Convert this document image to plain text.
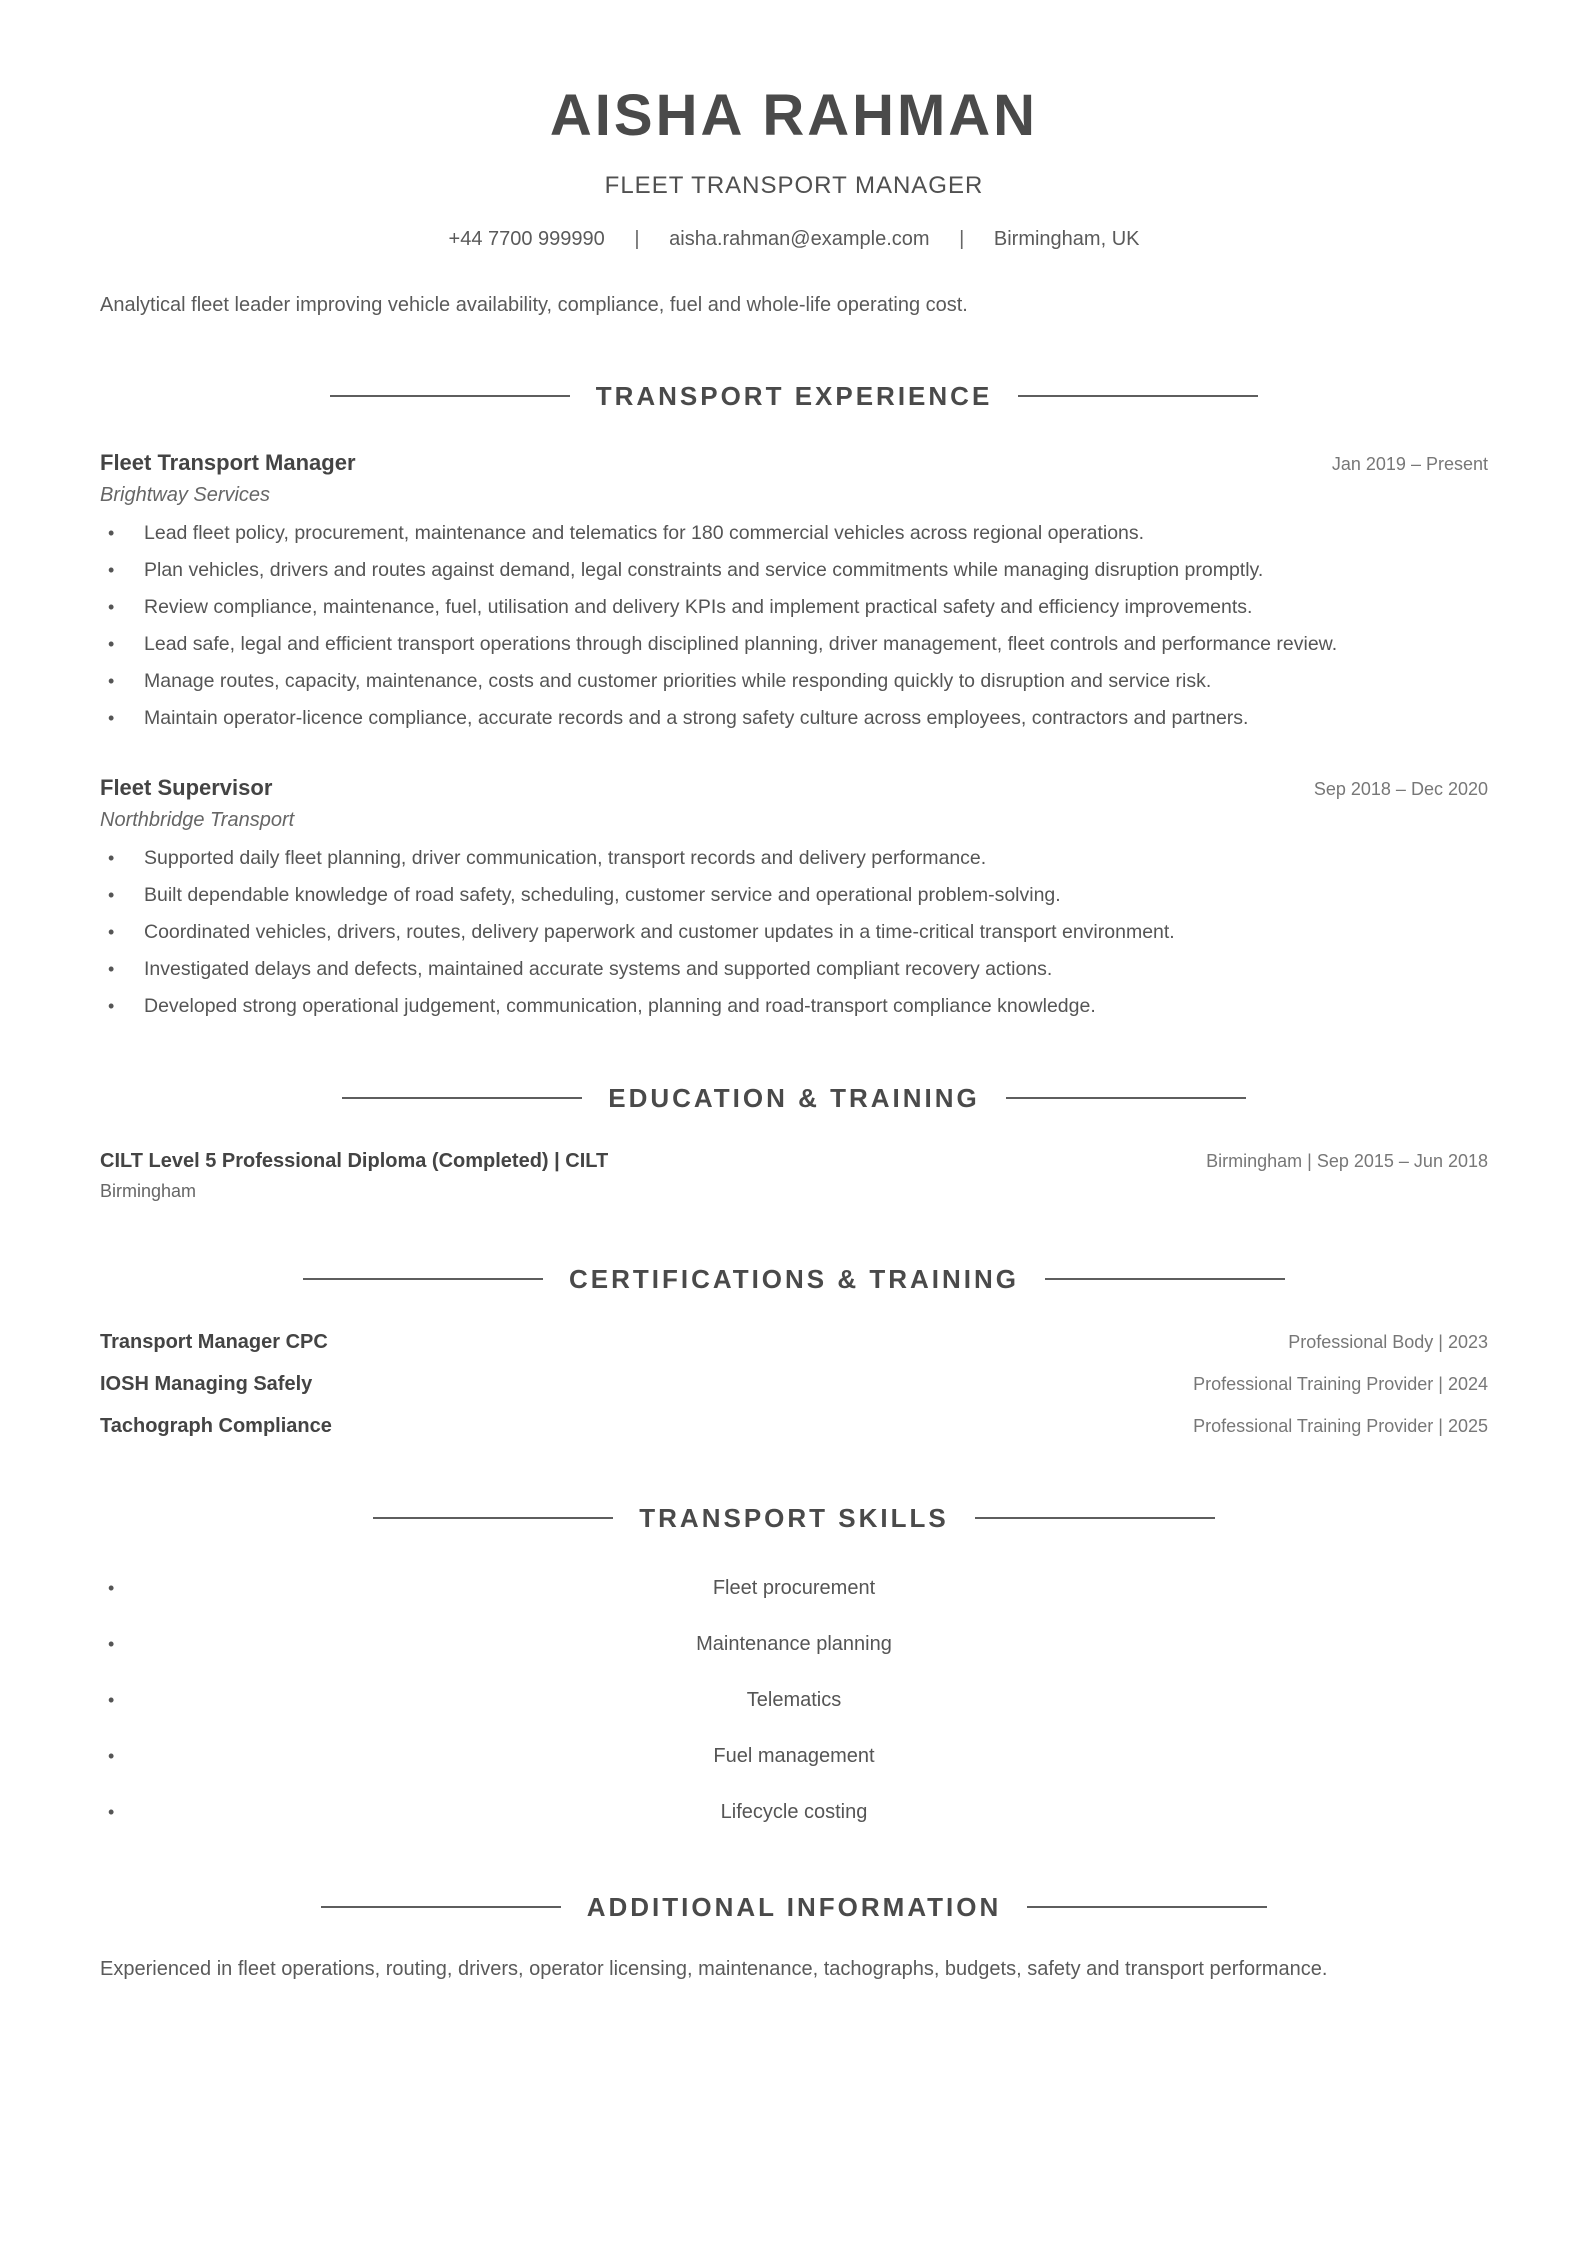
AISHA RAHMAN
FLEET TRANSPORT MANAGER
+44 7700 999990 | aisha.rahman@example.com | Birmingham, UK
Analytical fleet leader improving vehicle availability, compliance, fuel and whole-life operating cost.
TRANSPORT EXPERIENCE
Fleet Transport Manager	Jan 2019 – Present
Brightway Services
• Lead fleet policy, procurement, maintenance and telematics for 180 commercial vehicles across regional operations.
• Plan vehicles, drivers and routes against demand, legal constraints and service commitments while managing disruption promptly.
• Review compliance, maintenance, fuel, utilisation and delivery KPIs and implement practical safety and efficiency improvements.
• Lead safe, legal and efficient transport operations through disciplined planning, driver management, fleet controls and performance review.
• Manage routes, capacity, maintenance, costs and customer priorities while responding quickly to disruption and service risk.
• Maintain operator-licence compliance, accurate records and a strong safety culture across employees, contractors and partners.
Fleet Supervisor	Sep 2018 – Dec 2020
Northbridge Transport
• Supported daily fleet planning, driver communication, transport records and delivery performance.
• Built dependable knowledge of road safety, scheduling, customer service and operational problem-solving.
• Coordinated vehicles, drivers, routes, delivery paperwork and customer updates in a time-critical transport environment.
• Investigated delays and defects, maintained accurate systems and supported compliant recovery actions.
• Developed strong operational judgement, communication, planning and road-transport compliance knowledge.
EDUCATION & TRAINING
CILT Level 5 Professional Diploma (Completed) | CILT	Birmingham | Sep 2015 – Jun 2018
Birmingham
CERTIFICATIONS & TRAINING
Transport Manager CPC	Professional Body | 2023
IOSH Managing Safely	Professional Training Provider | 2024
Tachograph Compliance	Professional Training Provider | 2025
TRANSPORT SKILLS
• Fleet procurement
• Maintenance planning
• Telematics
• Fuel management
• Lifecycle costing
ADDITIONAL INFORMATION
Experienced in fleet operations, routing, drivers, operator licensing, maintenance, tachographs, budgets, safety and transport performance.
